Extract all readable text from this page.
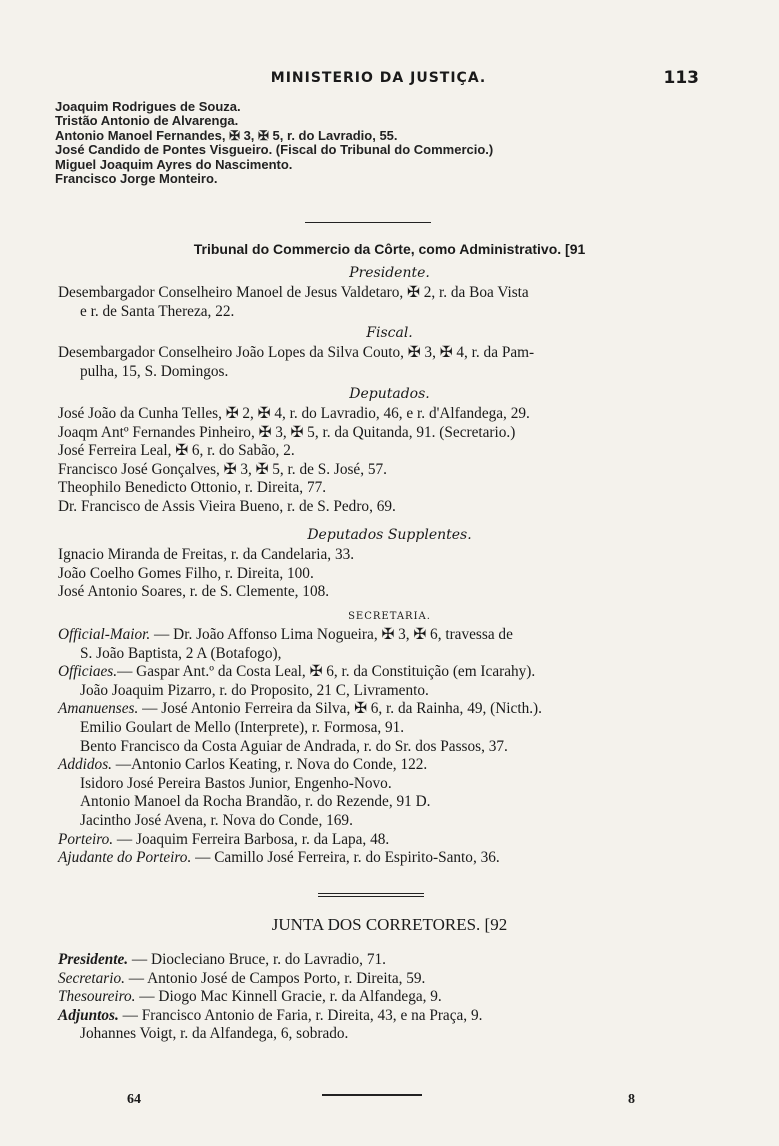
MINISTERIO DA JUSTIÇA.	113
Joaquim Rodrigues de Souza.
Tristão Antonio de Alvarenga.
Antonio Manoel Fernandes, ✠ 3, ✠ 5, r. do Lavradio, 55.
José Candido de Pontes Visgueiro. (Fiscal do Tribunal do Commercio.)
Miguel Joaquim Ayres do Nascimento.
Francisco Jorge Monteiro.
Tribunal do Commercio da Côrte, como Administrativo. [91
Presidente.
Desembargador Conselheiro Manoel de Jesus Valdetaro, ✠ 2, r. da Boa Vista
e r. de Santa Thereza, 22.
Fiscal.
Desembargador Conselheiro João Lopes da Silva Couto, ✠ 3, ✠ 4, r. da Pam-
pulha, 15, S. Domingos.
Deputados.
José João da Cunha Telles, ✠ 2, ✠ 4, r. do Lavradio, 46, e r. d'Alfandega, 29.
Joaqm Antº Fernandes Pinheiro, ✠ 3, ✠ 5, r. da Quitanda, 91. (Secretario.)
José Ferreira Leal, ✠ 6, r. do Sabão, 2.
Francisco José Gonçalves, ✠ 3, ✠ 5, r. de S. José, 57.
Theophilo Benedicto Ottonio, r. Direita, 77.
Dr. Francisco de Assis Vieira Bueno, r. de S. Pedro, 69.
Deputados Supplentes.
Ignacio Miranda de Freitas, r. da Candelaria, 33.
João Coelho Gomes Filho, r. Direita, 100.
José Antonio Soares, r. de S. Clemente, 108.
SECRETARIA.
Official-Maior. — Dr. João Affonso Lima Nogueira, ✠ 3, ✠ 6, travessa de
S. João Baptista, 2 A (Botafogo),
Officiaes.— Gaspar Ant.º da Costa Leal, ✠ 6, r. da Constituição (em Icarahy).
João Joaquim Pizarro, r. do Proposito, 21 C, Livramento.
Amanuenses. — José Antonio Ferreira da Silva, ✠ 6, r. da Rainha, 49, (Nicth.).
Emilio Goulart de Mello (Interprete), r. Formosa, 91.
Bento Francisco da Costa Aguiar de Andrada, r. do Sr. dos Passos, 37.
Addidos. —Antonio Carlos Keating, r. Nova do Conde, 122.
Isidoro José Pereira Bastos Junior, Engenho-Novo.
Antonio Manoel da Rocha Brandão, r. do Rezende, 91 D.
Jacintho José Avena, r. Nova do Conde, 169.
Porteiro. — Joaquim Ferreira Barbosa, r. da Lapa, 48.
Ajudante do Porteiro. — Camillo José Ferreira, r. do Espirito-Santo, 36.
JUNTA DOS CORRETORES. [92
Presidente. — Diocleciano Bruce, r. do Lavradio, 71.
Secretario. — Antonio José de Campos Porto, r. Direita, 59.
Thesoureiro. — Diogo Mac Kinnell Gracie, r. da Alfandega, 9.
Adjuntos. — Francisco Antonio de Faria, r. Direita, 43, e na Praça, 9.
Johannes Voigt, r. da Alfandega, 6, sobrado.
64	8
